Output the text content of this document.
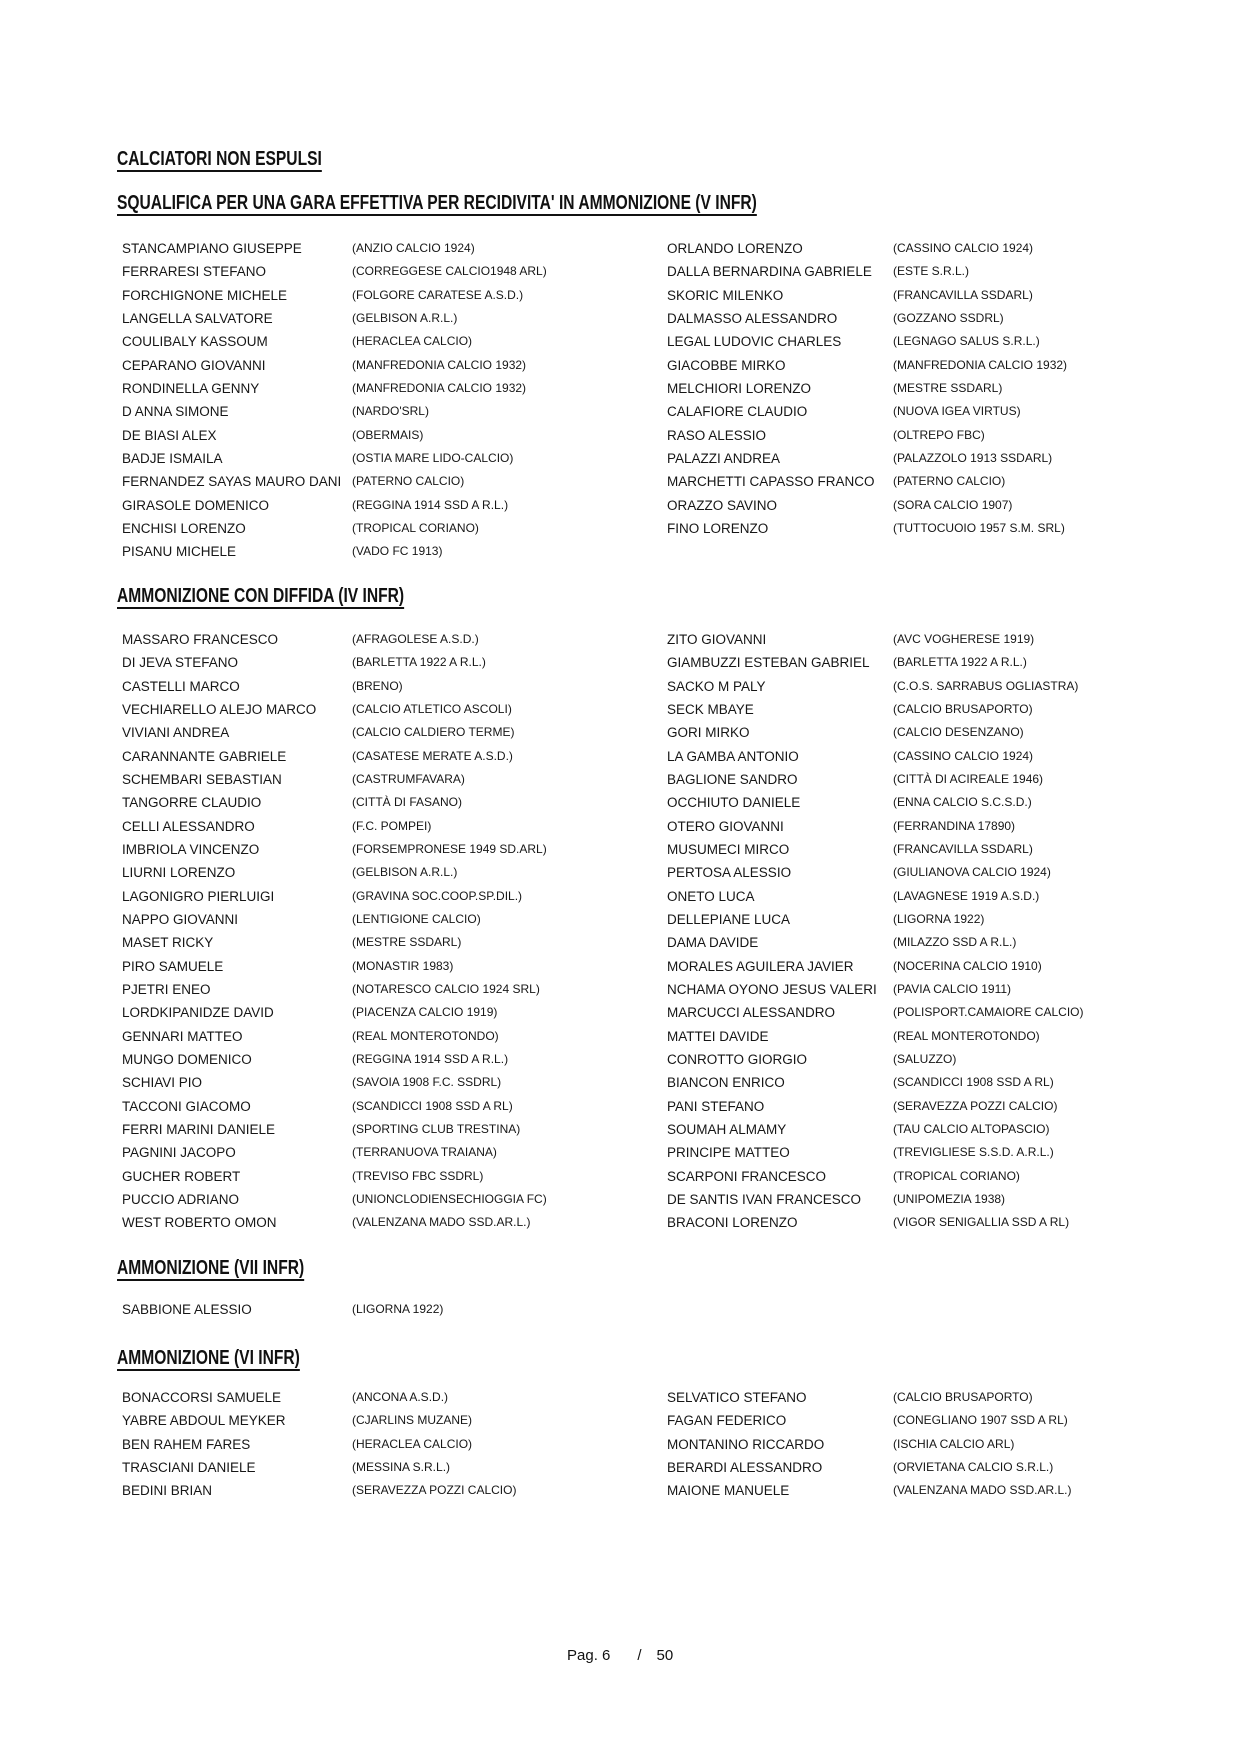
CALCIATORI NON ESPULSI
SQUALIFICA PER UNA GARA EFFETTIVA PER RECIDIVITA' IN AMMONIZIONE (V INFR)
STANCAMPIANO GIUSEPPE	(ANZIO CALCIO 1924)	ORLANDO LORENZO	(CASSINO CALCIO 1924)
FERRARESI STEFANO	(CORREGGESE CALCIO1948 ARL)	DALLA BERNARDINA GABRIELE	(ESTE S.R.L.)
FORCHIGNONE MICHELE	(FOLGORE CARATESE A.S.D.)	SKORIC MILENKO	(FRANCAVILLA SSDARL)
LANGELLA SALVATORE	(GELBISON A.R.L.)	DALMASSO ALESSANDRO	(GOZZANO SSDRL)
COULIBALY KASSOUM	(HERACLEA CALCIO)	LEGAL LUDOVIC CHARLES	(LEGNAGO SALUS S.R.L.)
CEPARANO GIOVANNI	(MANFREDONIA CALCIO 1932)	GIACOBBE MIRKO	(MANFREDONIA CALCIO 1932)
RONDINELLA GENNY	(MANFREDONIA CALCIO 1932)	MELCHIORI LORENZO	(MESTRE SSDARL)
D ANNA SIMONE	(NARDO'SRL)	CALAFIORE CLAUDIO	(NUOVA IGEA VIRTUS)
DE BIASI ALEX	(OBERMAIS)	RASO ALESSIO	(OLTREPO FBC)
BADJE ISMAILA	(OSTIA MARE LIDO-CALCIO)	PALAZZI ANDREA	(PALAZZOLO 1913 SSDARL)
FERNANDEZ SAYAS MAURO DANI (PATERNO CALCIO)	MARCHETTI CAPASSO FRANCO	(PATERNO CALCIO)
GIRASOLE DOMENICO	(REGGINA 1914 SSD A R.L.)	ORAZZO SAVINO	(SORA CALCIO 1907)
ENCHISI LORENZO	(TROPICAL CORIANO)	FINO LORENZO	(TUTTOCUOIO 1957 S.M. SRL)
PISANU MICHELE	(VADO FC 1913)
AMMONIZIONE CON DIFFIDA (IV INFR)
MASSARO FRANCESCO	(AFRAGOLESE A.S.D.)	ZITO GIOVANNI	(AVC VOGHERESE 1919)
DI JEVA STEFANO	(BARLETTA 1922 A R.L.)	GIAMBUZZI ESTEBAN GABRIEL	(BARLETTA 1922 A R.L.)
CASTELLI MARCO	(BRENO)	SACKO M PALY	(C.O.S. SARRABUS OGLIASTRA)
VECHIARELLO ALEJO MARCO	(CALCIO ATLETICO ASCOLI)	SECK MBAYE	(CALCIO BRUSAPORTO)
VIVIANI ANDREA	(CALCIO CALDIERO TERME)	GORI MIRKO	(CALCIO DESENZANO)
CARANNANTE GABRIELE	(CASATESE MERATE A.S.D.)	LA GAMBA ANTONIO	(CASSINO CALCIO 1924)
SCHEMBARI SEBASTIAN	(CASTRUMFAVARA)	BAGLIONE SANDRO	(CITTÀ DI ACIREALE 1946)
TANGORRE CLAUDIO	(CITTÀ DI FASANO)	OCCHIUTO DANIELE	(ENNA CALCIO S.C.S.D.)
CELLI ALESSANDRO	(F.C. POMPEI)	OTERO GIOVANNI	(FERRANDINA 17890)
IMBRIOLA VINCENZO	(FORSEMPRONESE 1949 SD.ARL)	MUSUMECI MIRCO	(FRANCAVILLA SSDARL)
LIURNI LORENZO	(GELBISON A.R.L.)	PERTOSA ALESSIO	(GIULIANOVA CALCIO 1924)
LAGONIGRO PIERLUIGI	(GRAVINA SOC.COOP.SP.DIL.)	ONETO LUCA	(LAVAGNESE 1919 A.S.D.)
NAPPO GIOVANNI	(LENTIGIONE CALCIO)	DELLEPIANE LUCA	(LIGORNA 1922)
MASET RICKY	(MESTRE SSDARL)	DAMA DAVIDE	(MILAZZO SSD A R.L.)
PIRO SAMUELE	(MONASTIR 1983)	MORALES AGUILERA JAVIER	(NOCERINA CALCIO 1910)
PJETRI ENEO	(NOTARESCO CALCIO 1924 SRL)	NCHAMA OYONO JESUS VALERI	(PAVIA CALCIO 1911)
LORDKIPANIDZE DAVID	(PIACENZA CALCIO 1919)	MARCUCCI ALESSANDRO	(POLISPORT.CAMAIORE CALCIO)
GENNARI MATTEO	(REAL MONTEROTONDO)	MATTEI DAVIDE	(REAL MONTEROTONDO)
MUNGO DOMENICO	(REGGINA 1914 SSD A R.L.)	CONROTTO GIORGIO	(SALUZZO)
SCHIAVI PIO	(SAVOIA 1908 F.C. SSDRL)	BIANCON ENRICO	(SCANDICCI 1908 SSD A RL)
TACCONI GIACOMO	(SCANDICCI 1908 SSD A RL)	PANI STEFANO	(SERAVEZZA POZZI CALCIO)
FERRI MARINI DANIELE	(SPORTING CLUB TRESTINA)	SOUMAH ALMAMY	(TAU CALCIO ALTOPASCIO)
PAGNINI JACOPO	(TERRANUOVA TRAIANA)	PRINCIPE MATTEO	(TREVIGLIESE S.S.D. A.R.L.)
GUCHER ROBERT	(TREVISO FBC SSDRL)	SCARPONI FRANCESCO	(TROPICAL CORIANO)
PUCCIO ADRIANO	(UNIONCLODIENSECHIOGGIA FC)	DE SANTIS IVAN FRANCESCO	(UNIPOMEZIA 1938)
WEST ROBERTO OMON	(VALENZANA MADO SSD.AR.L.)	BRACONI LORENZO	(VIGOR SENIGALLIA SSD A RL)
AMMONIZIONE (VII INFR)
SABBIONE ALESSIO	(LIGORNA 1922)
AMMONIZIONE (VI INFR)
BONACCORSI SAMUELE	(ANCONA A.S.D.)	SELVATICO STEFANO	(CALCIO BRUSAPORTO)
YABRE ABDOUL MEYKER	(CJARLINS MUZANE)	FAGAN FEDERICO	(CONEGLIANO 1907 SSD A RL)
BEN RAHEM FARES	(HERACLEA CALCIO)	MONTANINO RICCARDO	(ISCHIA CALCIO ARL)
TRASCIANI DANIELE	(MESSINA S.R.L.)	BERARDI ALESSANDRO	(ORVIETANA CALCIO S.R.L.)
BEDINI BRIAN	(SERAVEZZA POZZI CALCIO)	MAIONE MANUELE	(VALENZANA MADO SSD.AR.L.)
Pag. 6 / 50
